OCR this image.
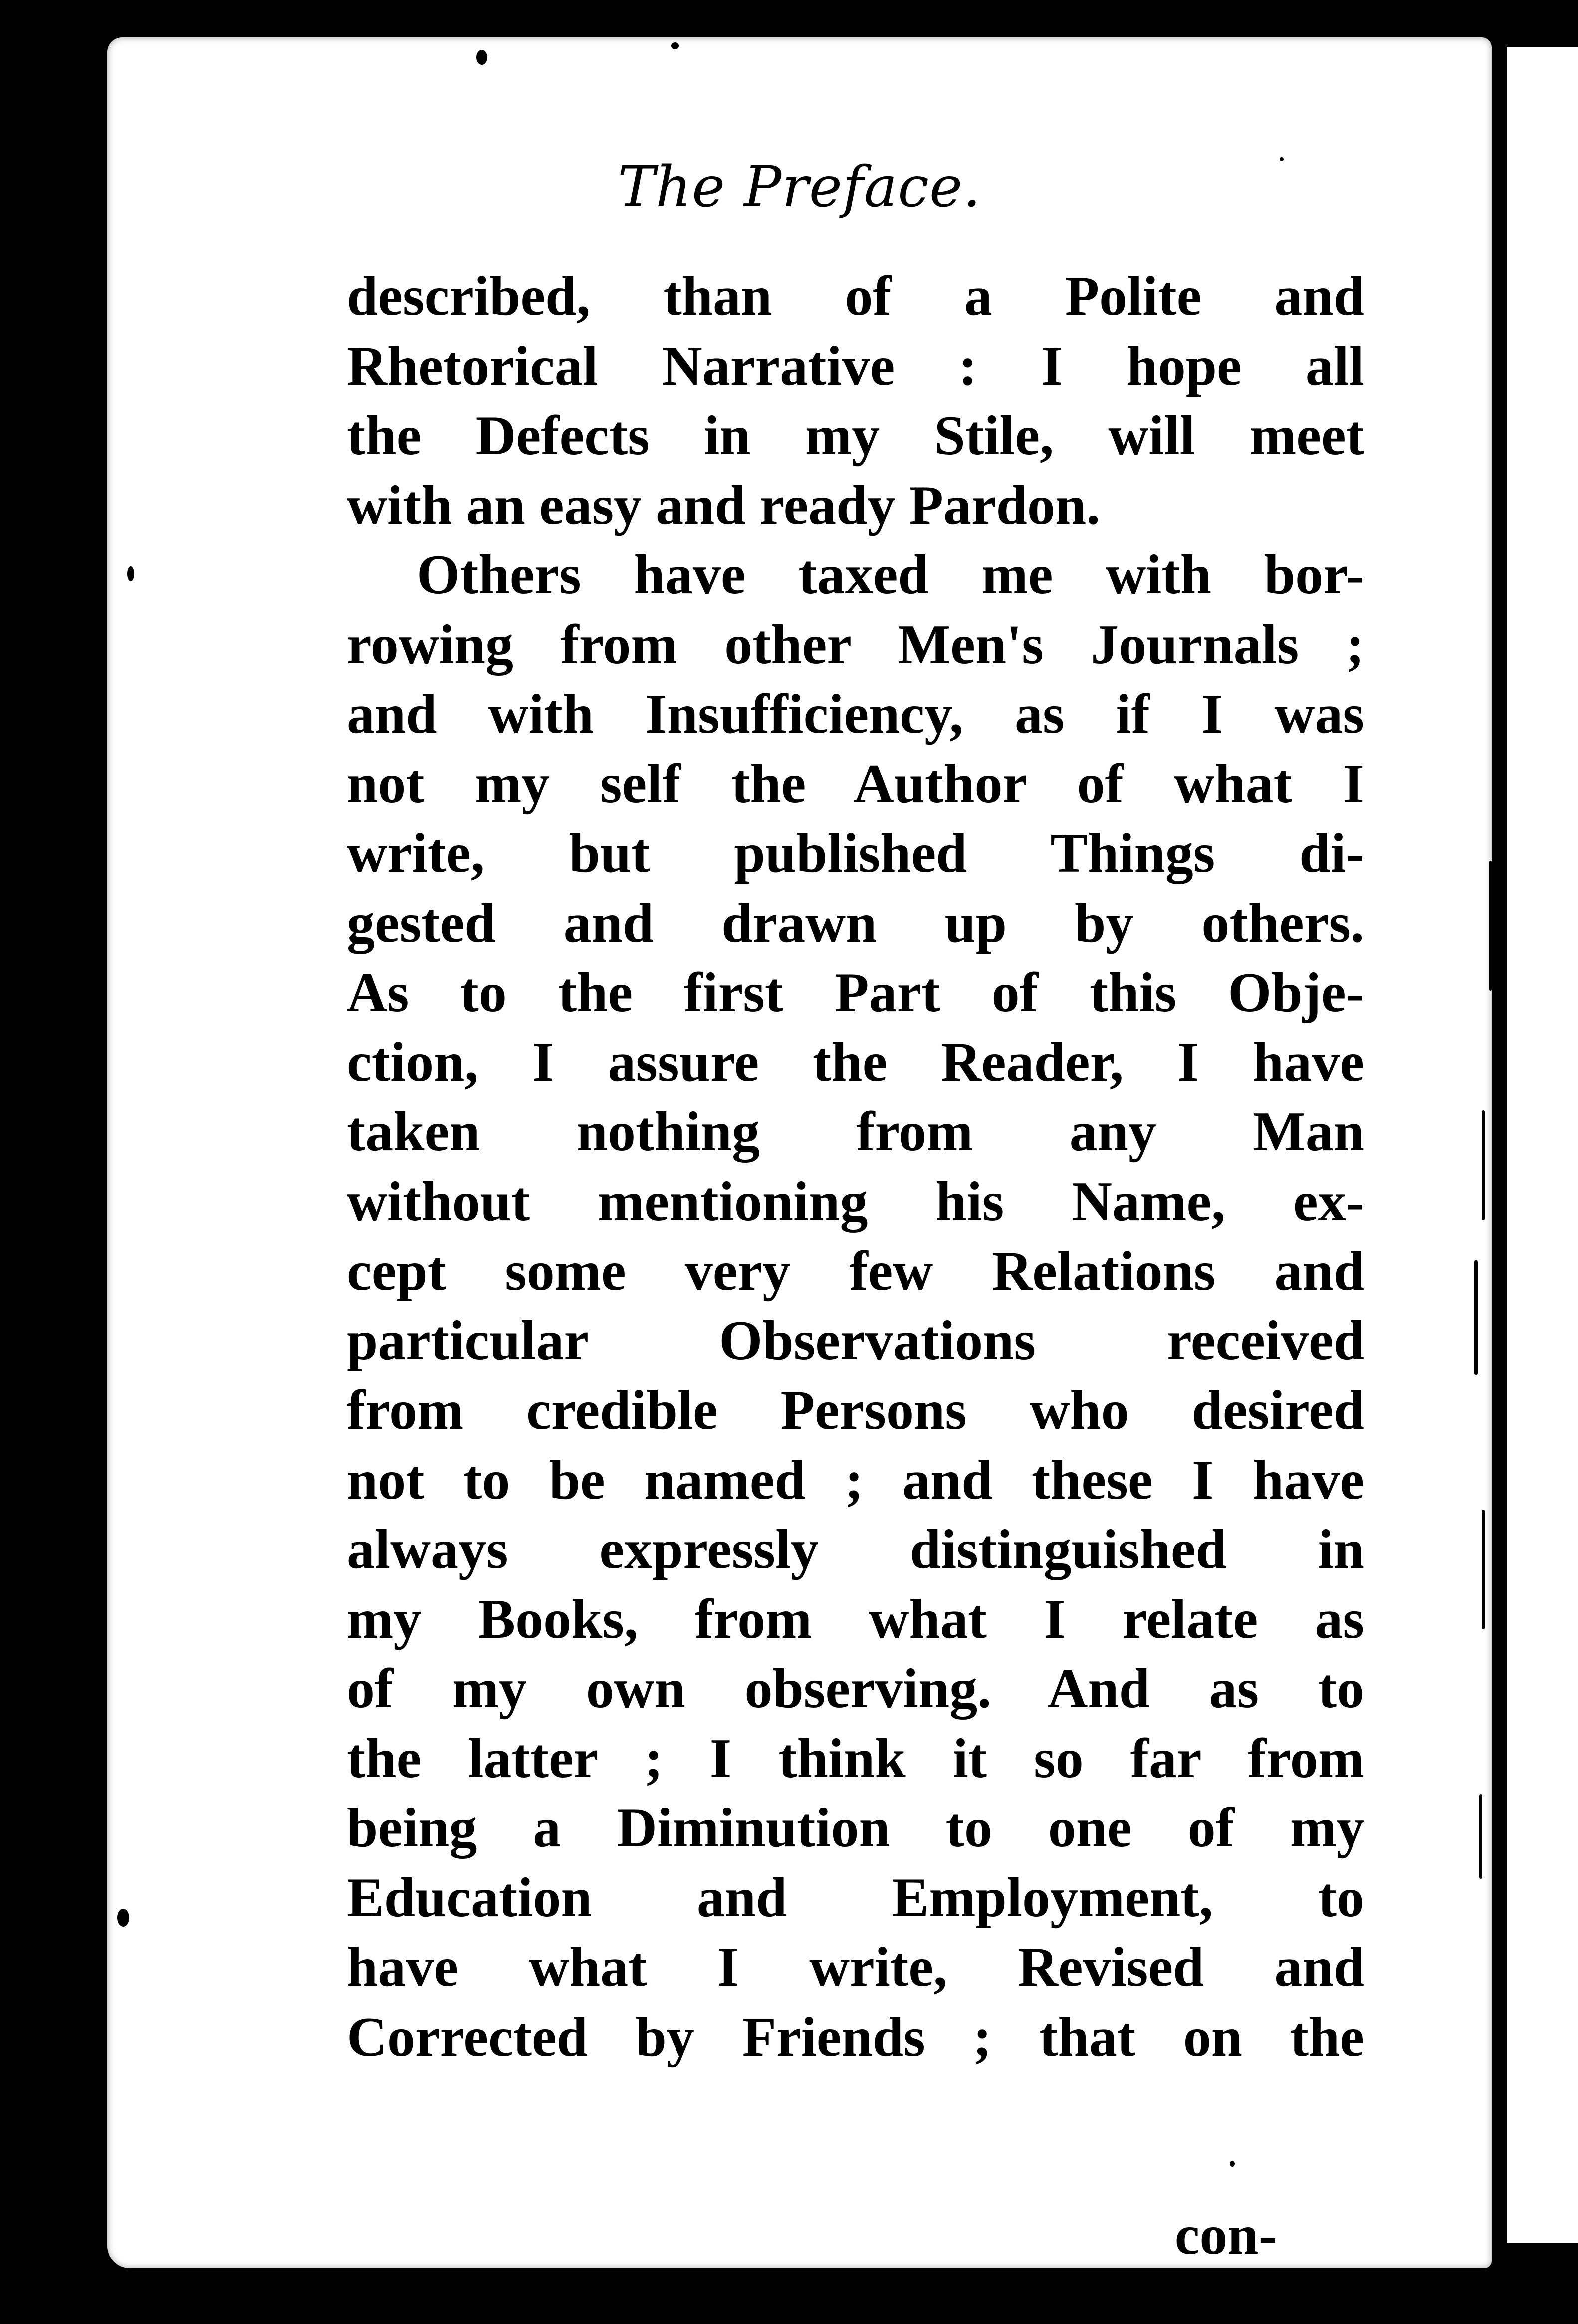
The Preface.
described, than of a Polite and
Rhetorical Narrative : I hope all
the Defects in my Stile, will meet
with an easy and ready Pardon.
Others have taxed me with bor-
rowing from other Men's Journals ;
and with Insufficiency, as if I was
not my self the Author of what I
write, but published Things di-
gested and drawn up by others.
As to the first Part of this Obje-
ction, I assure the Reader, I have
taken nothing from any Man
without mentioning his Name, ex-
cept some very few Relations and
particular Observations received
from credible Persons who desired
not to be named ; and these I have
always expressly distinguished in
my Books, from what I relate as
of my own observing. And as to
the latter ; I think it so far from
being a Diminution to one of my
Education and Employment, to
have what I write, Revised and
Corrected by Friends ; that on the
con-
